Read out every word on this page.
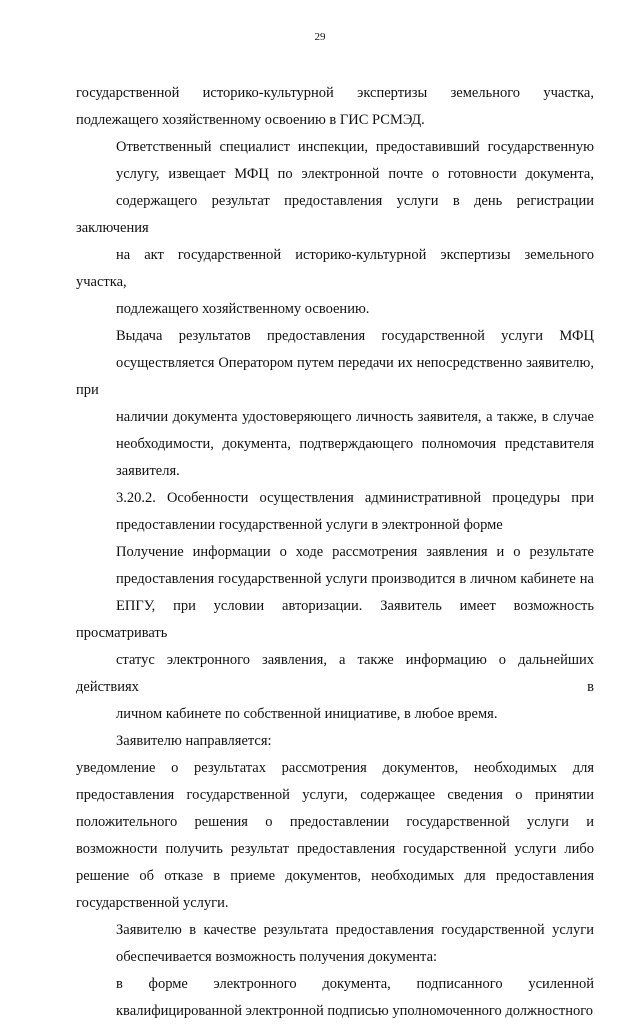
29
государственной историко-культурной экспертизы земельного участка,
подлежащего хозяйственному освоению в ГИС РСМЭД.
Ответственный специалист инспекции, предоставивший государственную
услугу, извещает МФЦ по электронной почте о готовности документа,
содержащего результат предоставления услуги в день регистрации заключения
на акт государственной историко-культурной экспертизы земельного участка,
подлежащего хозяйственному освоению.
Выдача результатов предоставления государственной услуги МФЦ
осуществляется Оператором путем передачи их непосредственно заявителю, при
наличии документа удостоверяющего личность заявителя, а также, в случае
необходимости, документа, подтверждающего полномочия представителя
заявителя.
3.20.2. Особенности осуществления административной процедуры при
предоставлении государственной услуги в электронной форме
Получение информации о ходе рассмотрения заявления и о результате
предоставления государственной услуги производится в личном кабинете на
ЕПГУ, при условии авторизации. Заявитель имеет возможность просматривать
статус электронного заявления, а также информацию о дальнейших действиях в
личном кабинете по собственной инициативе, в любое время.
Заявителю направляется:
уведомление о результатах рассмотрения документов, необходимых для
предоставления государственной услуги, содержащее сведения о принятии
положительного решения о предоставлении государственной услуги и
возможности получить результат предоставления государственной услуги либо
решение об отказе в приеме документов, необходимых для предоставления
государственной услуги.
Заявителю в качестве результата предоставления государственной услуги
обеспечивается возможность получения документа:
в форме электронного документа, подписанного усиленной
квалифицированной электронной подписью уполномоченного должностного
